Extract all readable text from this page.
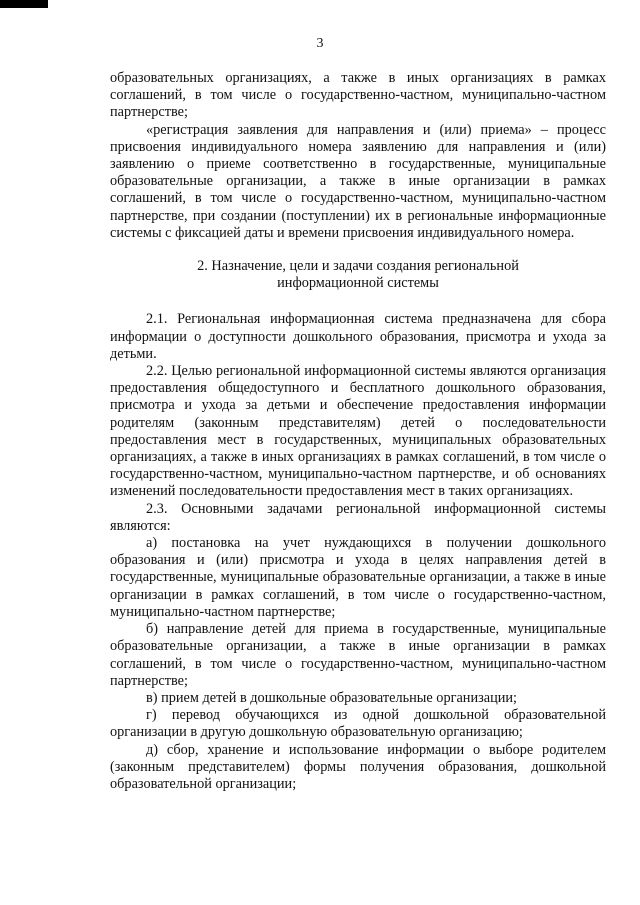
3

образовательных организациях, а также в иных организациях в рамках соглашений, в том числе о государственно-частном, муниципально-частном партнерстве;

«регистрация заявления для направления и (или) приема» – процесс присвоения индивидуального номера заявлению для направления и (или) заявлению о приеме соответственно в государственные, муниципальные образовательные организации, а также в иные организации в рамках соглашений, в том числе о государственно-частном, муниципально-частном партнерстве, при создании (поступлении) их в региональные информационные системы с фиксацией даты и времени присвоения индивидуального номера.

2. Назначение, цели и задачи создания региональной
информационной системы

2.1. Региональная информационная система предназначена для сбора информации о доступности дошкольного образования, присмотра и ухода за детьми.

2.2. Целью региональной информационной системы являются организация предоставления общедоступного и бесплатного дошкольного образования, присмотра и ухода за детьми и обеспечение предоставления информации родителям (законным представителям) детей о последовательности предоставления мест в государственных, муниципальных образовательных организациях, а также в иных организациях в рамках соглашений, в том числе о государственно-частном, муниципально-частном партнерстве, и об основаниях изменений последовательности предоставления мест в таких организациях.

2.3. Основными задачами региональной информационной системы являются:

а) постановка на учет нуждающихся в получении дошкольного образования и (или) присмотра и ухода в целях направления детей в государственные, муниципальные образовательные организации, а также в иные организации в рамках соглашений, в том числе о государственно-частном, муниципально-частном партнерстве;

б) направление детей для приема в государственные, муниципальные образовательные организации, а также в иные организации в рамках соглашений, в том числе о государственно-частном, муниципально-частном партнерстве;

в) прием детей в дошкольные образовательные организации;

г) перевод обучающихся из одной дошкольной образовательной организации в другую дошкольную образовательную организацию;

д) сбор, хранение и использование информации о выборе родителем (законным представителем) формы получения образования, дошкольной образовательной организации;
